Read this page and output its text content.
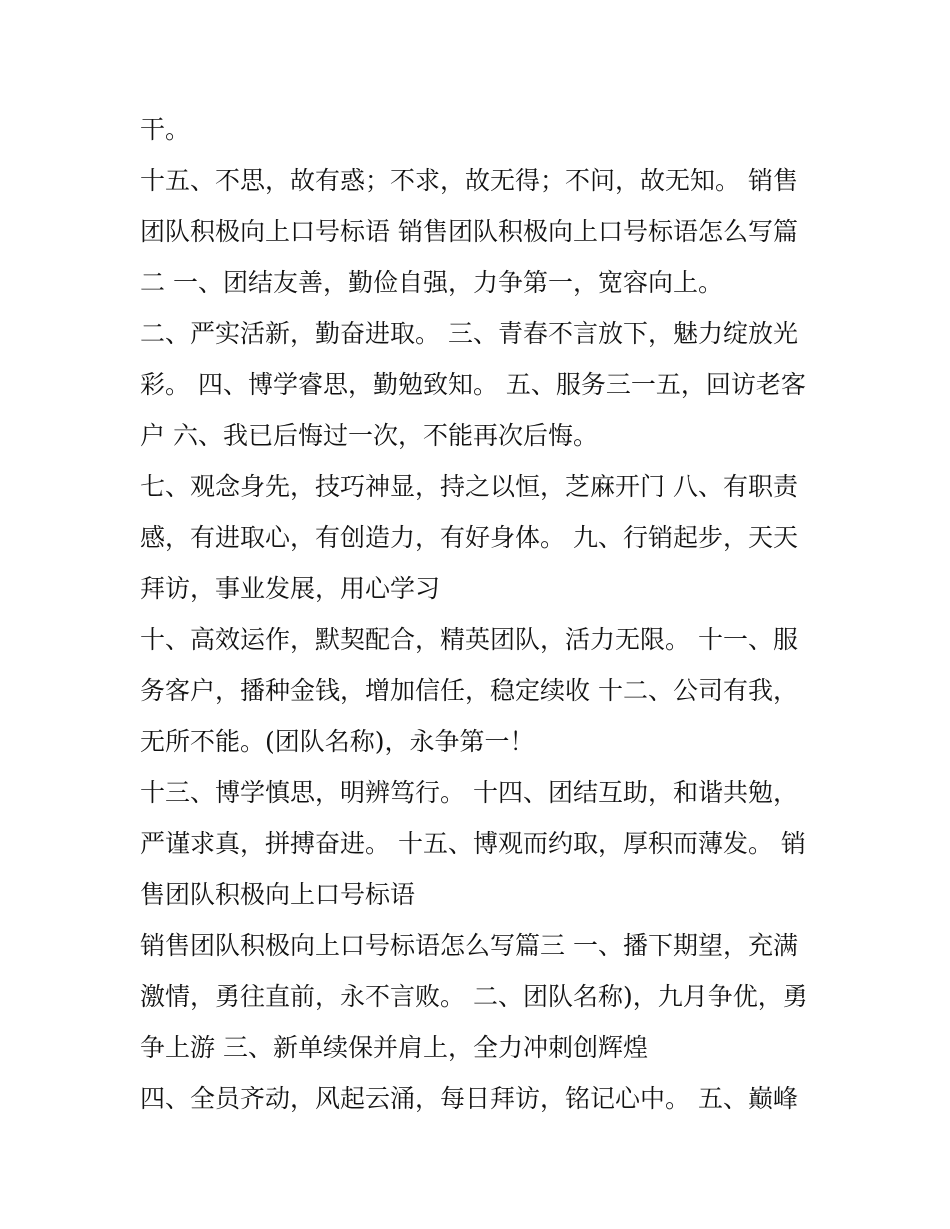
干。

十五、不思，故有惑；不求，故无得；不问，故无知。 销售
团队积极向上口号标语 销售团队积极向上口号标语怎么写篇
二 一、团结友善，勤俭自强，力争第一，宽容向上。

二、严实活新，勤奋进取。 三、青春不言放下，魅力绽放光
彩。 四、博学睿思，勤勉致知。 五、服务三一五，回访老客
户 六、我已后悔过一次，不能再次后悔。

七、观念身先，技巧神显，持之以恒，芝麻开门 八、有职责
感，有进取心，有创造力，有好身体。 九、行销起步，天天
拜访，事业发展，用心学习

十、高效运作，默契配合，精英团队，活力无限。 十一、服
务客户，播种金钱，增加信任，稳定续收 十二、公司有我，
无所不能。(团队名称)，永争第一！

十三、博学慎思，明辨笃行。 十四、团结互助，和谐共勉，
严谨求真，拼搏奋进。 十五、博观而约取，厚积而薄发。 销
售团队积极向上口号标语

销售团队积极向上口号标语怎么写篇三 一、播下期望，充满
激情，勇往直前，永不言败。 二、团队名称)，九月争优，勇
争上游 三、新单续保并肩上，全力冲刺创辉煌

四、全员齐动，风起云涌，每日拜访，铭记心中。 五、巅峰
